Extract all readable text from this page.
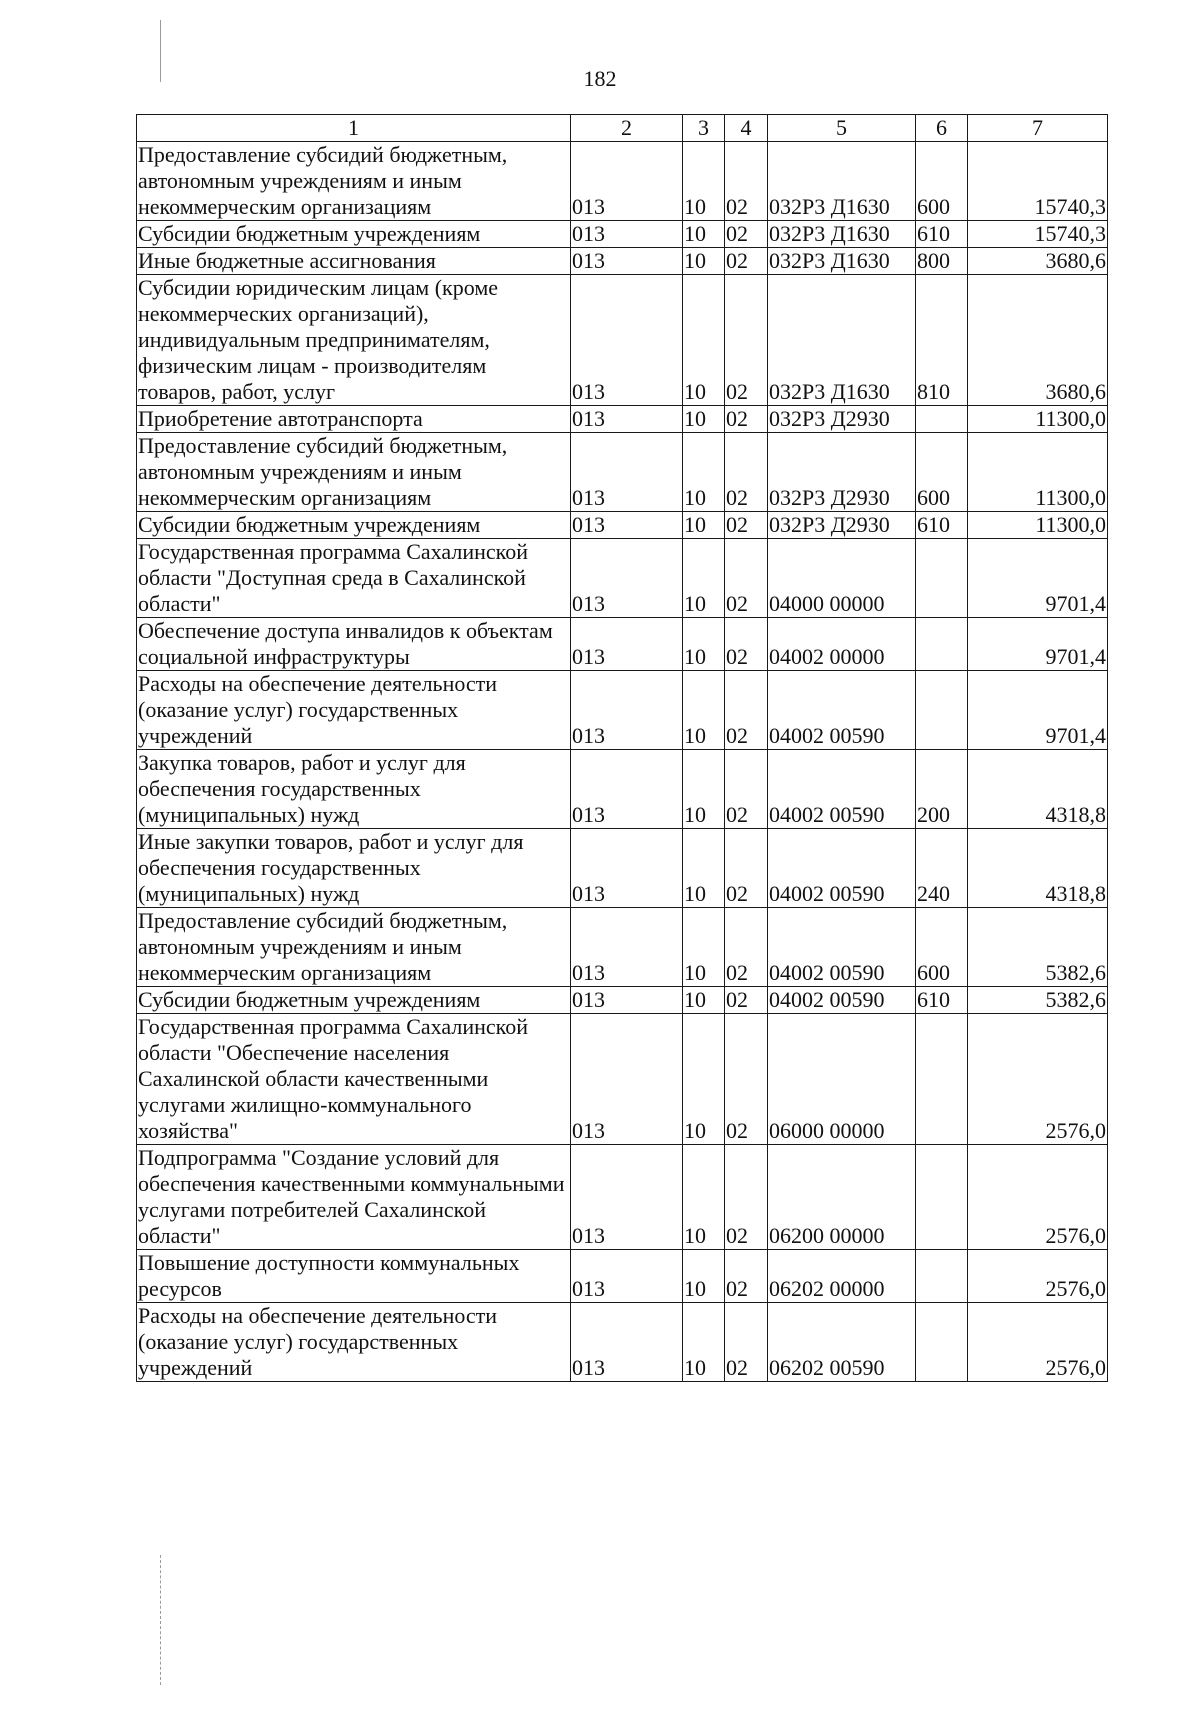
182
1	2	3	4	5	6	7
Предоставление субсидий бюджетным, автономным учреждениям и иным некоммерческим организациям	013	10	02	032Р3 Д1630	600	15740,3
Субсидии бюджетным учреждениям	013	10	02	032Р3 Д1630	610	15740,3
Иные бюджетные ассигнования	013	10	02	032Р3 Д1630	800	3680,6
Субсидии юридическим лицам (кроме некоммерческих организаций), индивидуальным предпринимателям, физическим лицам - производителям товаров, работ, услуг	013	10	02	032Р3 Д1630	810	3680,6
Приобретение автотранспорта	013	10	02	032Р3 Д2930		11300,0
Предоставление субсидий бюджетным, автономным учреждениям и иным некоммерческим организациям	013	10	02	032Р3 Д2930	600	11300,0
Субсидии бюджетным учреждениям	013	10	02	032Р3 Д2930	610	11300,0
Государственная программа Сахалинской области "Доступная среда в Сахалинской области"	013	10	02	04000 00000		9701,4
Обеспечение доступа инвалидов к объектам социальной инфраструктуры	013	10	02	04002 00000		9701,4
Расходы на обеспечение деятельности (оказание услуг) государственных учреждений	013	10	02	04002 00590		9701,4
Закупка товаров, работ и услуг для обеспечения государственных (муниципальных) нужд	013	10	02	04002 00590	200	4318,8
Иные закупки товаров, работ и услуг для обеспечения государственных (муниципальных) нужд	013	10	02	04002 00590	240	4318,8
Предоставление субсидий бюджетным, автономным учреждениям и иным некоммерческим организациям	013	10	02	04002 00590	600	5382,6
Субсидии бюджетным учреждениям	013	10	02	04002 00590	610	5382,6
Государственная программа Сахалинской области "Обеспечение населения Сахалинской области качественными услугами жилищно-коммунального хозяйства"	013	10	02	06000 00000		2576,0
Подпрограмма "Создание условий для обеспечения качественными коммунальными услугами потребителей Сахалинской области"	013	10	02	06200 00000		2576,0
Повышение доступности коммунальных ресурсов	013	10	02	06202 00000		2576,0
Расходы на обеспечение деятельности (оказание услуг) государственных учреждений	013	10	02	06202 00590		2576,0
